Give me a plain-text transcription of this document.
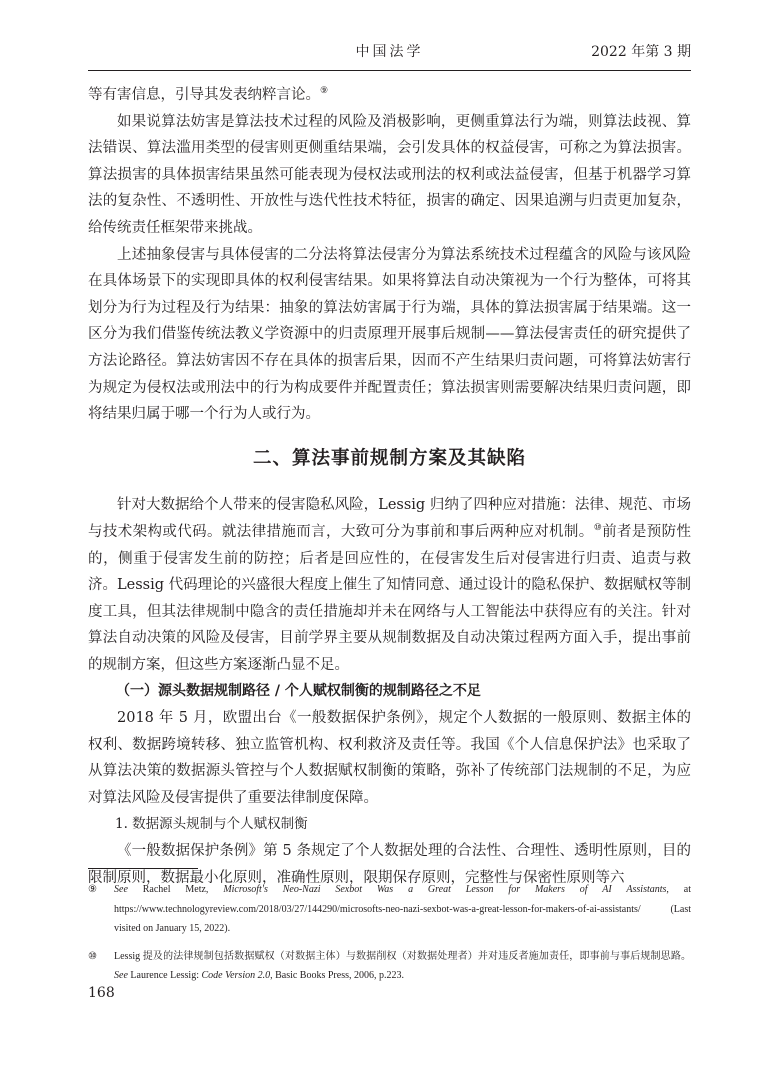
中国法学	2022 年第 3 期

等有害信息，引导其发表纳粹言论。⑨

如果说算法妨害是算法技术过程的风险及消极影响，更侧重算法行为端，则算法歧视、算法错误、算法滥用类型的侵害则更侧重结果端，会引发具体的权益侵害，可称之为算法损害。算法损害的具体损害结果虽然可能表现为侵权法或刑法的权利或法益侵害，但基于机器学习算法的复杂性、不透明性、开放性与迭代性技术特征，损害的确定、因果追溯与归责更加复杂，给传统责任框架带来挑战。

上述抽象侵害与具体侵害的二分法将算法侵害分为算法系统技术过程蕴含的风险与该风险在具体场景下的实现即具体的权利侵害结果。如果将算法自动决策视为一个行为整体，可将其划分为行为过程及行为结果：抽象的算法妨害属于行为端，具体的算法损害属于结果端。这一区分为我们借鉴传统法教义学资源中的归责原理开展事后规制——算法侵害责任的研究提供了方法论路径。算法妨害因不存在具体的损害后果，因而不产生结果归责问题，可将算法妨害行为规定为侵权法或刑法中的行为构成要件并配置责任；算法损害则需要解决结果归责问题，即将结果归属于哪一个行为人或行为。

二、算法事前规制方案及其缺陷

针对大数据给个人带来的侵害隐私风险，Lessig 归纳了四种应对措施：法律、规范、市场与技术架构或代码。就法律措施而言，大致可分为事前和事后两种应对机制。⑩前者是预防性的，侧重于侵害发生前的防控；后者是回应性的，在侵害发生后对侵害进行归责、追责与救济。Lessig 代码理论的兴盛很大程度上催生了知情同意、通过设计的隐私保护、数据赋权等制度工具，但其法律规制中隐含的责任措施却并未在网络与人工智能法中获得应有的关注。针对算法自动决策的风险及侵害，目前学界主要从规制数据及自动决策过程两方面入手，提出事前的规制方案，但这些方案逐渐凸显不足。

（一）源头数据规制路径 / 个人赋权制衡的规制路径之不足

2018 年 5 月，欧盟出台《一般数据保护条例》，规定个人数据的一般原则、数据主体的权利、数据跨境转移、独立监管机构、权利救济及责任等。我国《个人信息保护法》也采取了从算法决策的数据源头管控与个人数据赋权制衡的策略，弥补了传统部门法规制的不足，为应对算法风险及侵害提供了重要法律制度保障。

1. 数据源头规制与个人赋权制衡

《一般数据保护条例》第 5 条规定了个人数据处理的合法性、合理性、透明性原则，目的限制原则，数据最小化原则，准确性原则，限期保存原则，完整性与保密性原则等六

⑨	See Rachel Metz, Microsoft's Neo-Nazi Sexbot Was a Great Lesson for Makers of AI Assistants, at https://www.technologyreview.com/2018/03/27/144290/microsofts-neo-nazi-sexbot-was-a-great-lesson-for-makers-of-ai-assistants/ (Last visited on January 15, 2022).
⑩	Lessig 提及的法律规制包括数据赋权（对数据主体）与数据削权（对数据处理者）并对违反者施加责任，即事前与事后规制思路。See Laurence Lessig: Code Version 2.0, Basic Books Press, 2006, p.223.
168
